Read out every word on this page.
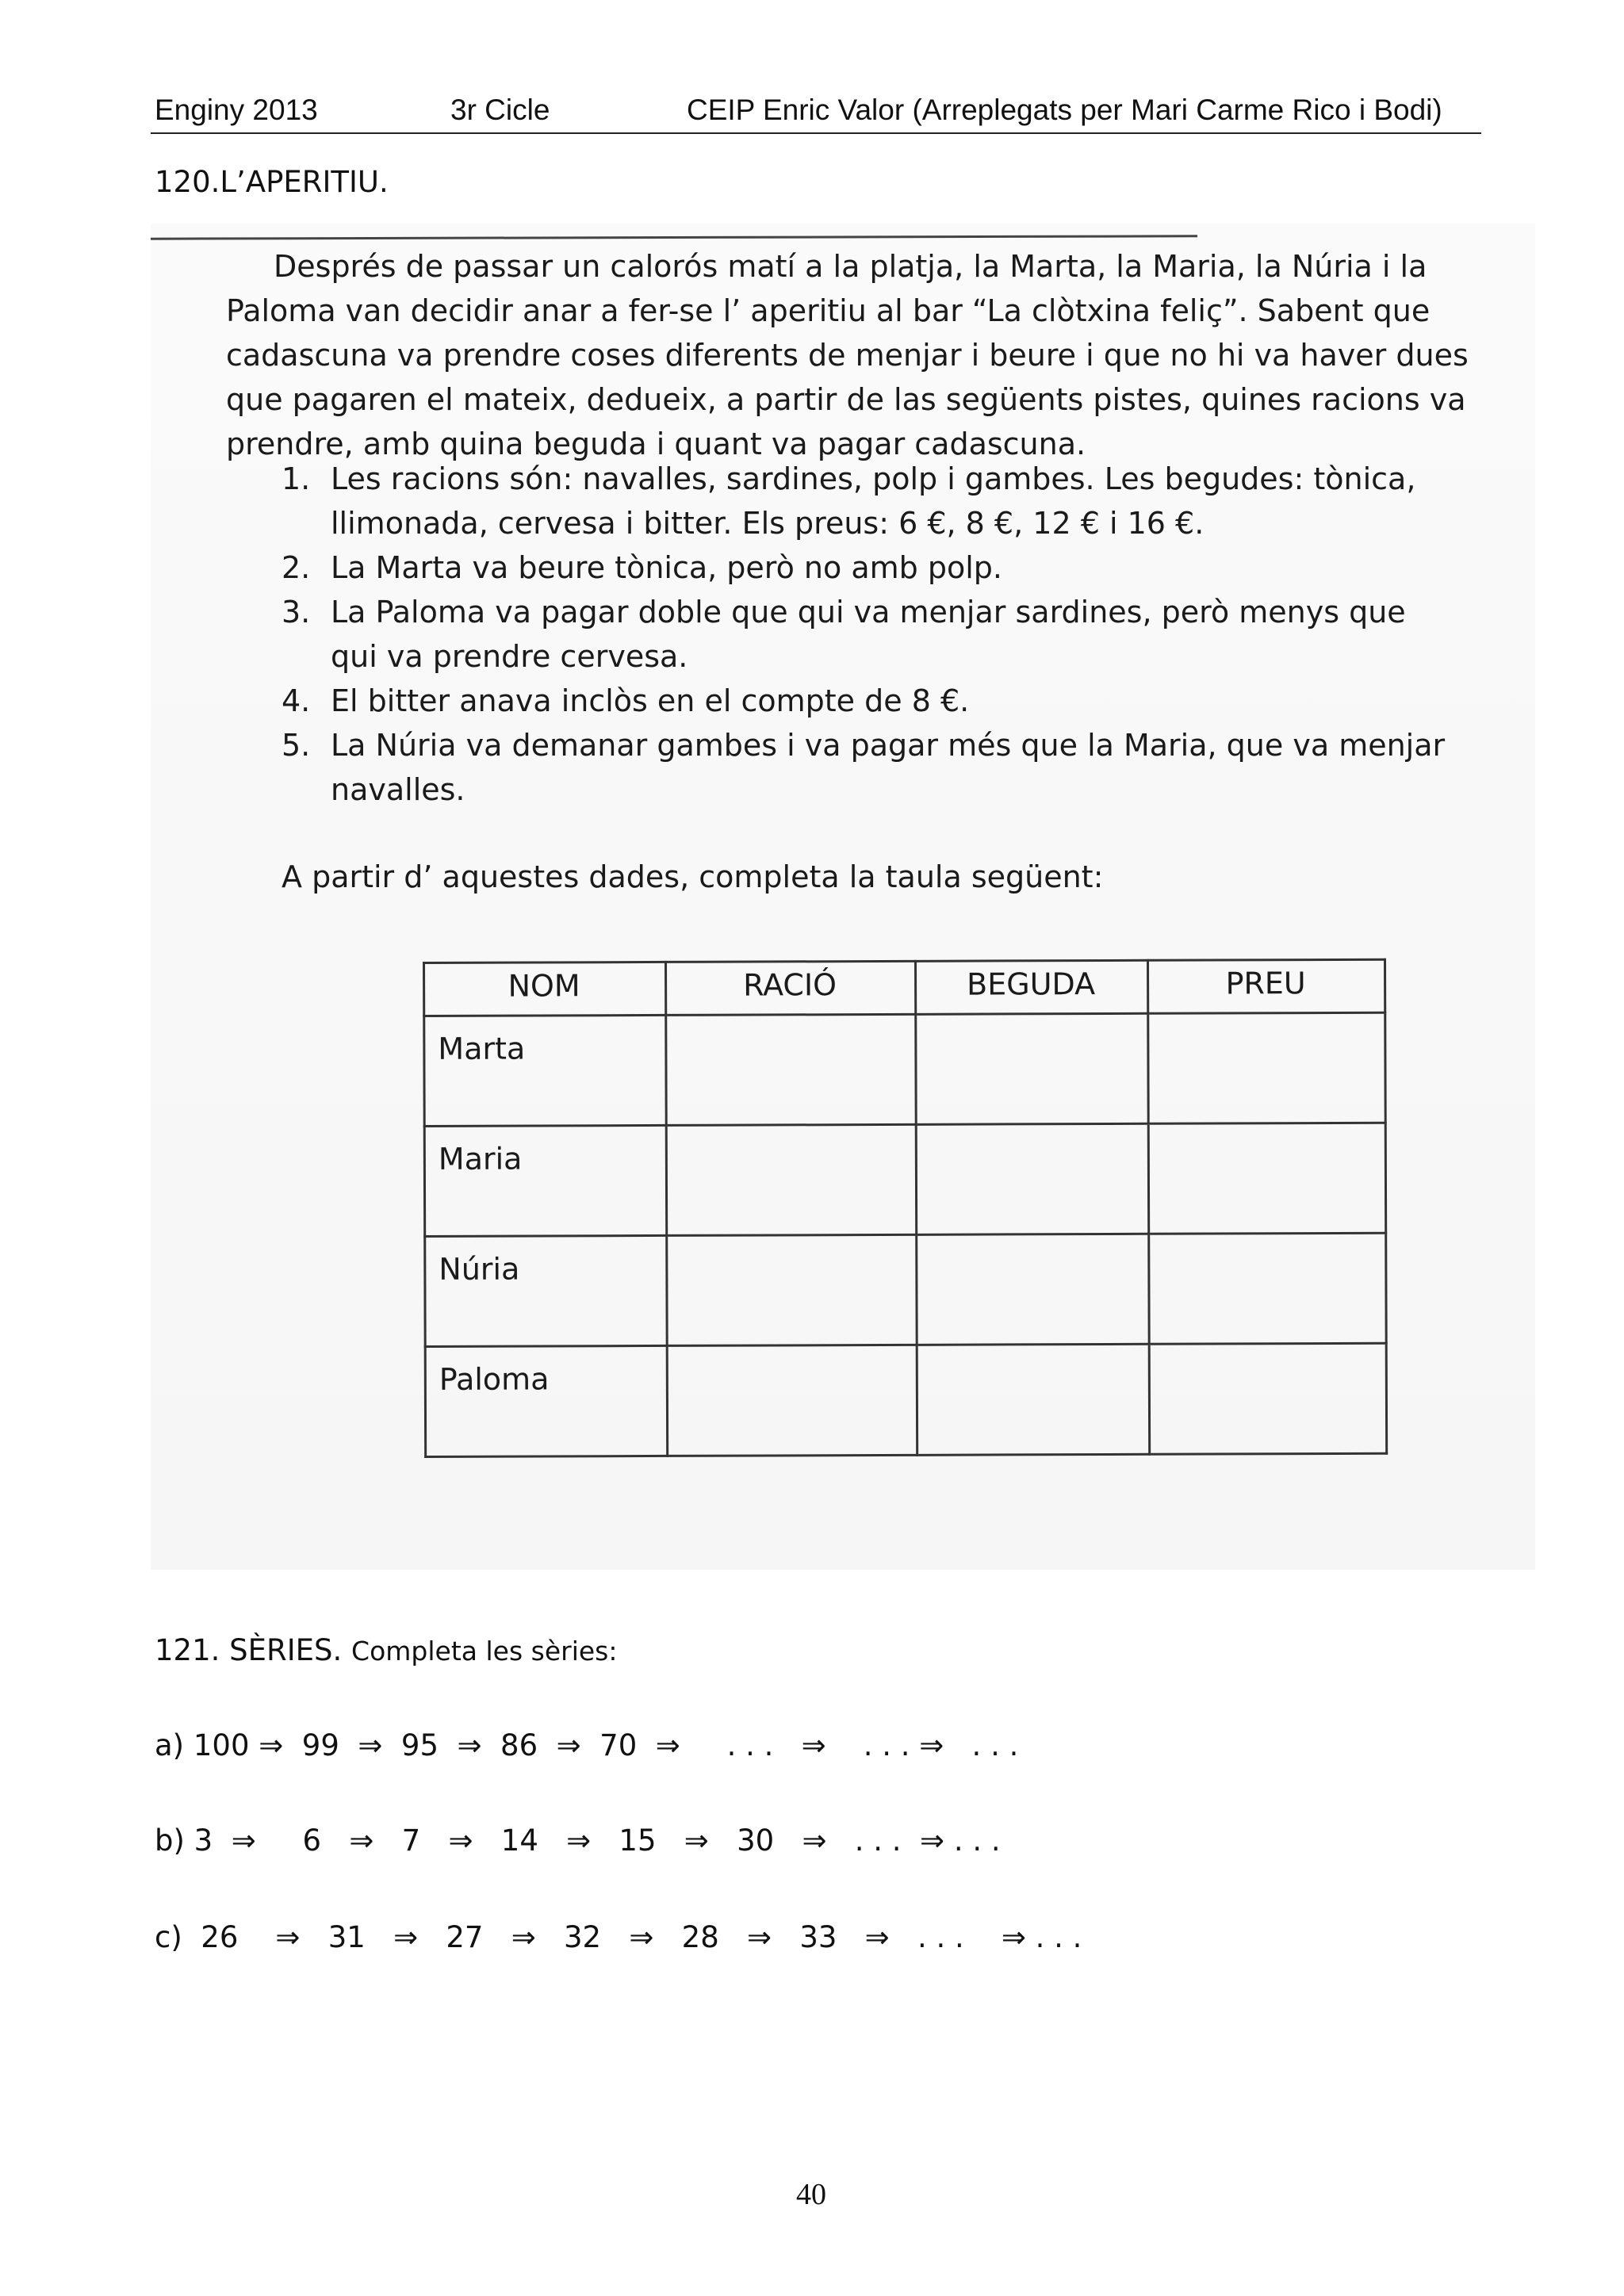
Enginy 2013	3r Cicle	CEIP Enric Valor (Arreplegats per Mari Carme Rico i Bodi)
120.L’APERITIU.
Després de passar un calorós matí a la platja, la Marta, la Maria, la Núria i la
Paloma van decidir anar a fer-se l’ aperitiu al bar “La clòtxina feliç”. Sabent que
cadascuna va prendre coses diferents de menjar i beure i que no hi va haver dues
que pagaren el mateix, dedueix, a partir de las següents pistes, quines racions va
prendre, amb quina beguda i quant va pagar cadascuna.
1. Les racions són: navalles, sardines, polp i gambes. Les begudes: tònica,
llimonada, cervesa i bitter. Els preus: 6 €, 8 €, 12 € i 16 €.
2. La Marta va beure tònica, però no amb polp.
3. La Paloma va pagar doble que qui va menjar sardines, però menys que
qui va prendre cervesa.
4. El bitter anava inclòs en el compte de 8 €.
5. La Núria va demanar gambes i va pagar més que la Maria, que va menjar
navalles.
A partir d’ aquestes dades, completa la taula següent:
NOM	RACIÓ	BEGUDA	PREU
Marta			
Maria			
Núria			
Paloma			
121. SÈRIES. Completa les sèries:
a) 100 ⇒  99  ⇒  95  ⇒  86  ⇒  70  ⇒     . . .   ⇒    . . . ⇒   . . .
b) 3  ⇒     6   ⇒   7   ⇒   14   ⇒   15   ⇒   30   ⇒   . . .  ⇒ . . .
c)  26    ⇒   31   ⇒   27   ⇒   32   ⇒   28   ⇒   33   ⇒   . . .    ⇒ . . .
40
